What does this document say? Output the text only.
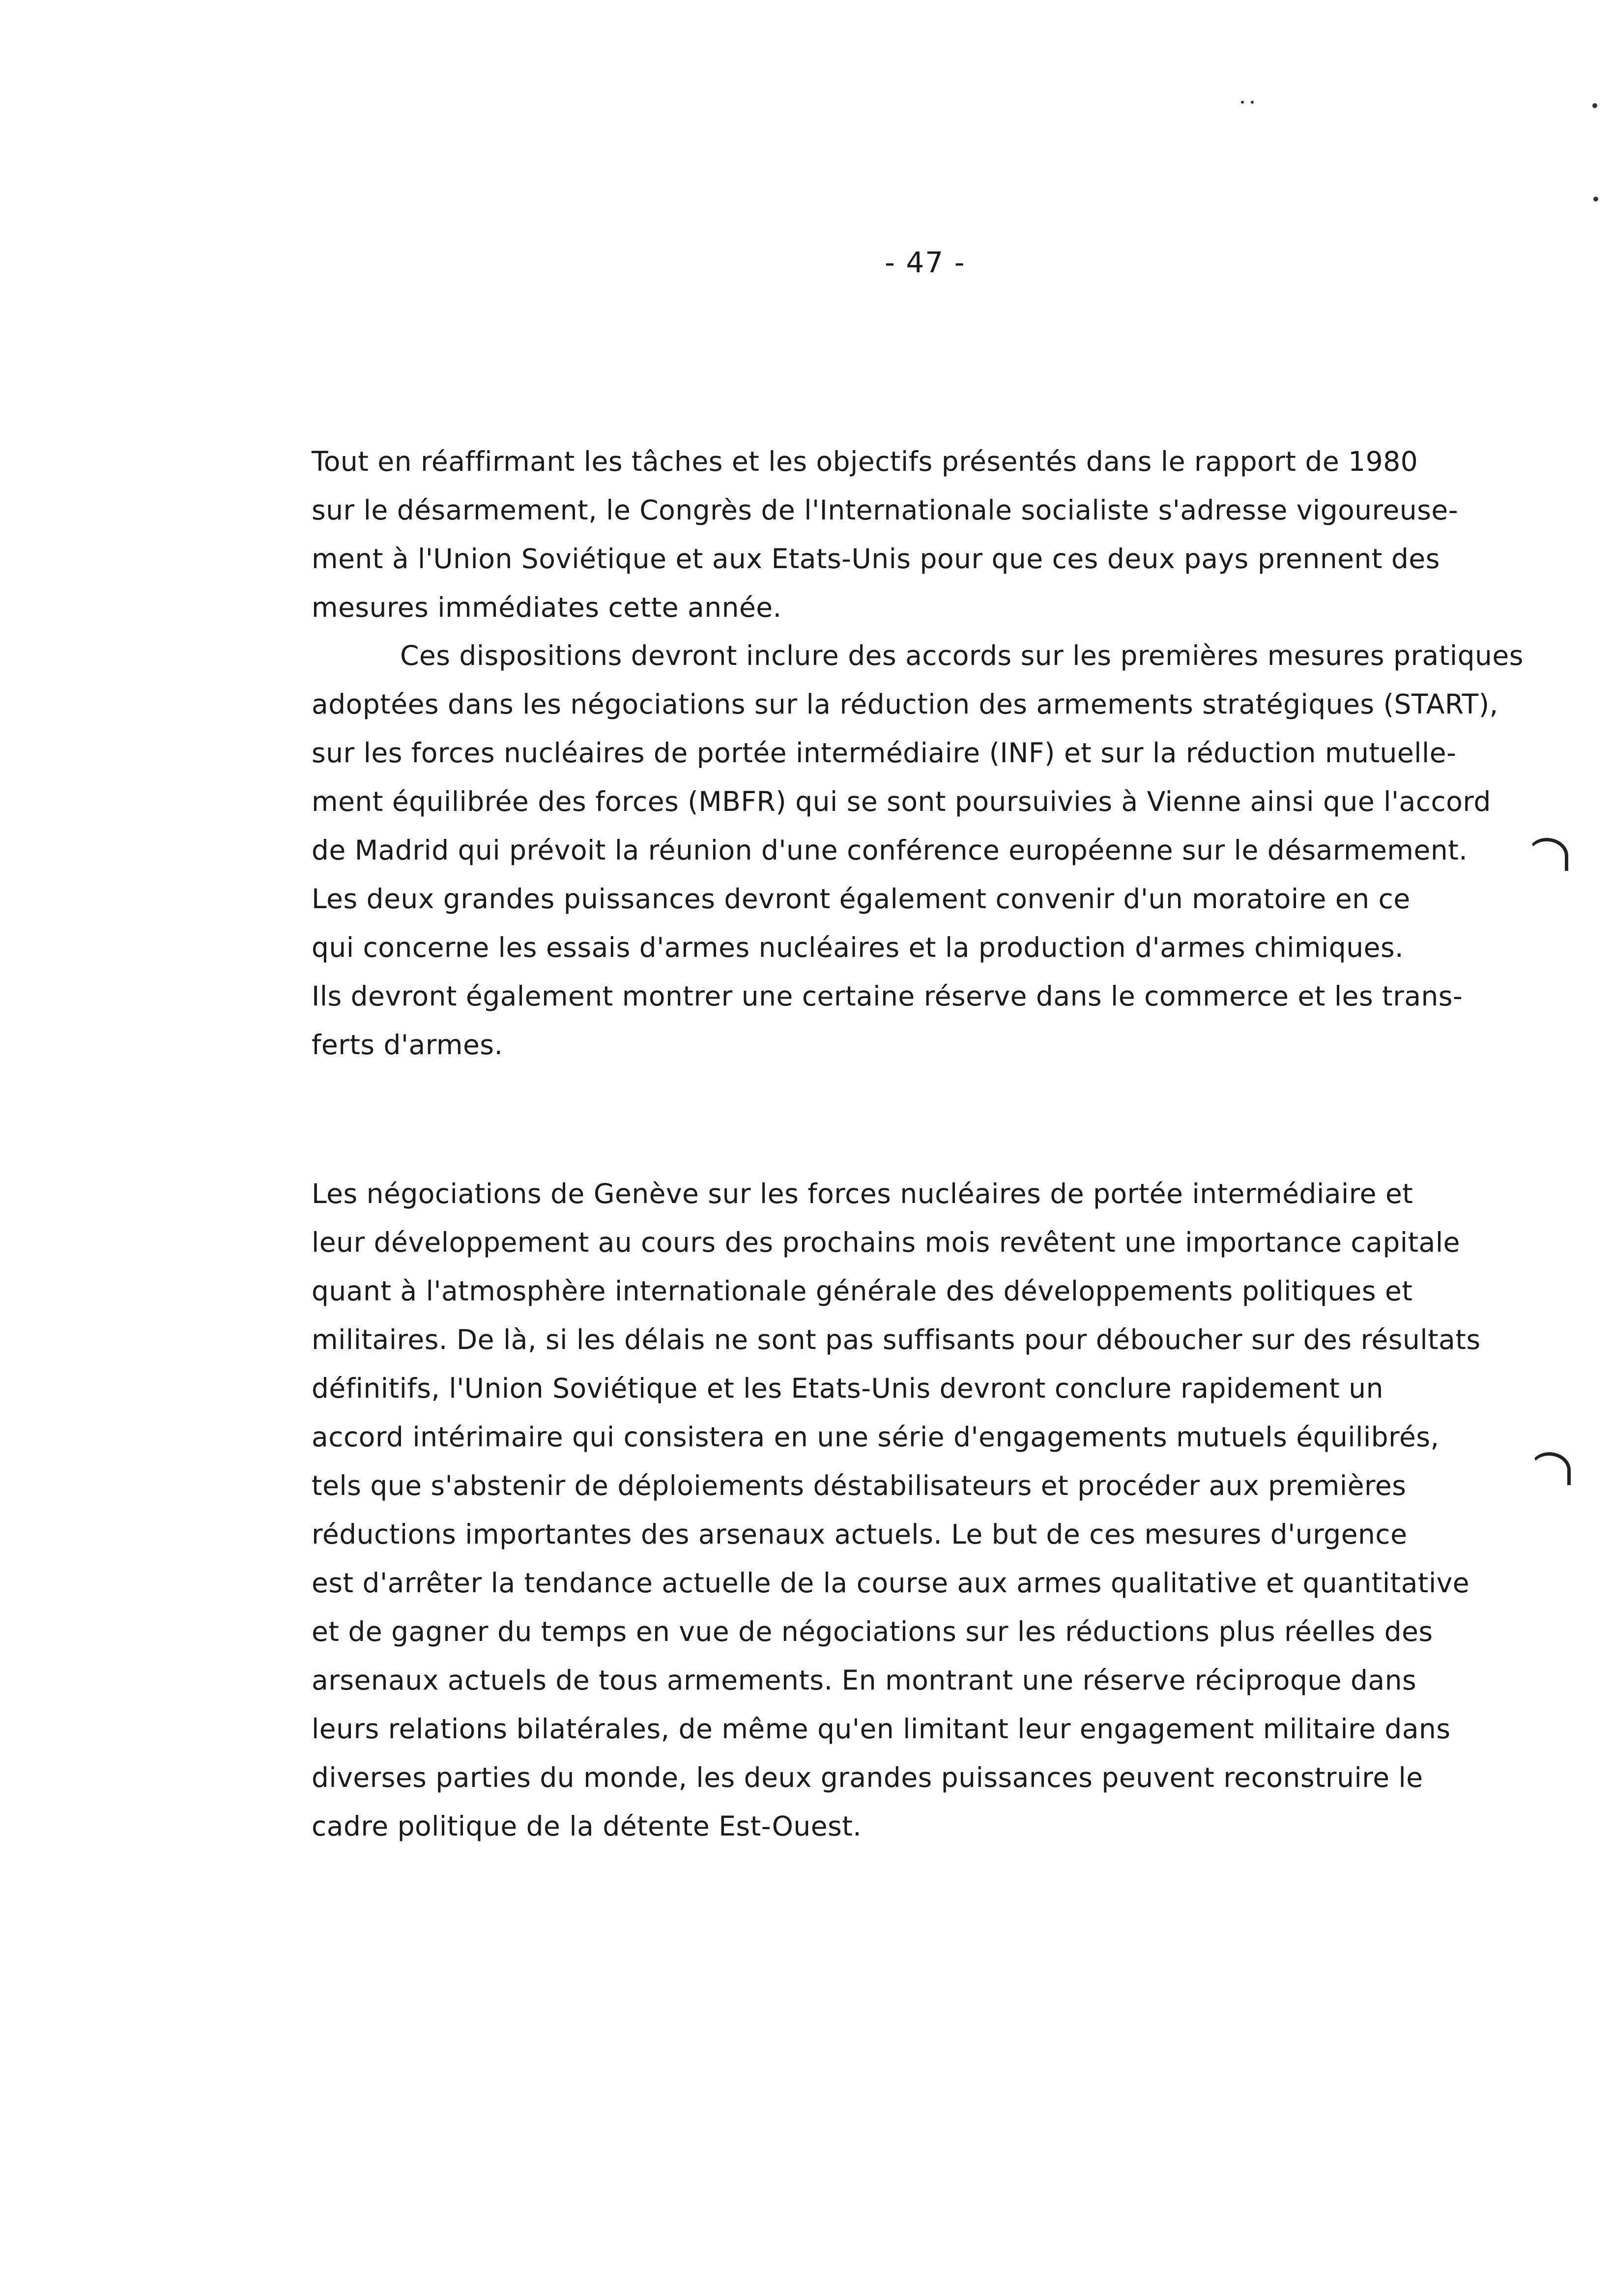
- 47 -
Tout en réaffirmant les tâches et les objectifs présentés dans le rapport de 1980
sur le désarmement, le Congrès de l'Internationale socialiste s'adresse vigoureuse-
ment à l'Union Soviétique et aux Etats-Unis pour que ces deux pays prennent des
mesures immédiates cette année.
Ces dispositions devront inclure des accords sur les premières mesures pratiques
adoptées dans les négociations sur la réduction des armements stratégiques (START),
sur les forces nucléaires de portée intermédiaire (INF) et sur la réduction mutuelle-
ment équilibrée des forces (MBFR) qui se sont poursuivies à Vienne ainsi que l'accord
de Madrid qui prévoit la réunion d'une conférence européenne sur le désarmement.
Les deux grandes puissances devront également convenir d'un moratoire en ce
qui concerne les essais d'armes nucléaires et la production d'armes chimiques.
Ils devront également montrer une certaine réserve dans le commerce et les trans-
ferts d'armes.
Les négociations de Genève sur les forces nucléaires de portée intermédiaire et
leur développement au cours des prochains mois revêtent une importance capitale
quant à l'atmosphère internationale générale des développements politiques et
militaires. De là, si les délais ne sont pas suffisants pour déboucher sur des résultats
définitifs, l'Union Soviétique et les Etats-Unis devront conclure rapidement un
accord intérimaire qui consistera en une série d'engagements mutuels équilibrés,
tels que s'abstenir de déploiements déstabilisateurs et procéder aux premières
réductions importantes des arsenaux actuels. Le but de ces mesures d'urgence
est d'arrêter la tendance actuelle de la course aux armes qualitative et quantitative
et de gagner du temps en vue de négociations sur les réductions plus réelles des
arsenaux actuels de tous armements. En montrant une réserve réciproque dans
leurs relations bilatérales, de même qu'en limitant leur engagement militaire dans
diverses parties du monde, les deux grandes puissances peuvent reconstruire le
cadre politique de la détente Est-Ouest.
